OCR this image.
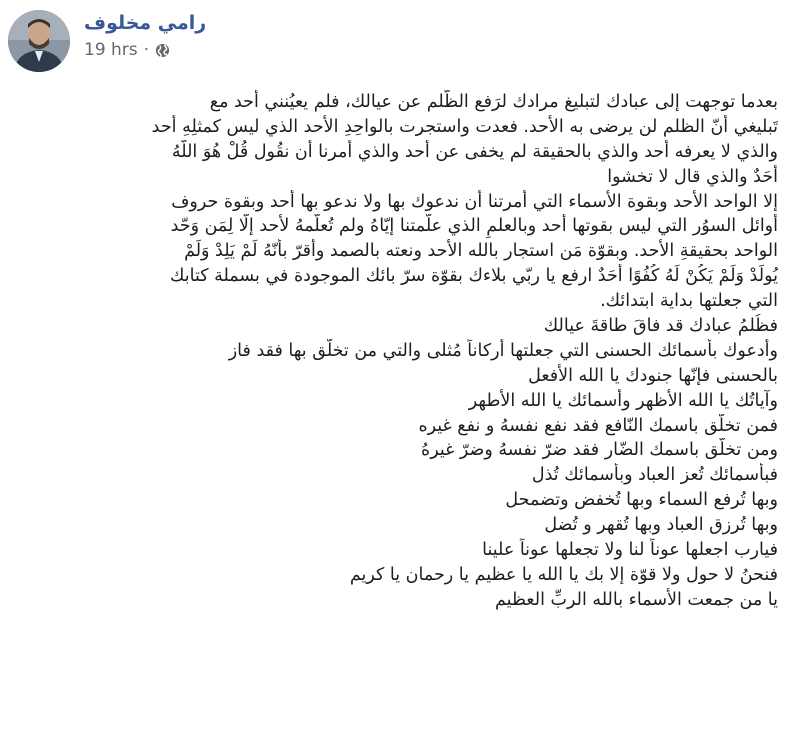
رامي مخلوف
19 hrs ·
بعدما توجهت إلى عبادك لتبليغ مرادك لرَفع الظّلم عن عيالك، فلم يعيُنني أحد مع
تَبليغي أنّ الظلم لن يرضى به الأحد. فعدت واستجرت بالواحِدِ الأحد الذي ليس كمثلِهِ أحد
والذي لا يعرفه أحد والذي بالحقيقة لم يخفى عن أحد والذي أمرنا أن نقُول قُلْ هُوَ اللَّهُ
أَحَدٌ والذي قال لا تخشوا
إلا الواحد الأحد وبقوة الأسماء التي أمرتنا أن ندعوك بها ولا ندعو بها أحد وبقوة حروف
أوائل السوُر التي ليس بقوتها أحد وبالعلمِ الذي علّمتنا إيّاهُ ولم تُعلّمهُ لأحد إلّا لِمَن وَحّد
الواحد بحقيقةِ الأحد. وبقوّة مَن استجار بالله الأحد ونعته بالصمد وأقرّ بأنّهُ لَمْ يَلِدْ وَلَمْ
يُولَدْ وَلَمْ يَكُنْ لَهُ كُفُوًا أَحَدٌ ارفع يا ربّي بلاءك بقوّة سرّ بائك الموجودة في بسملة كتابك
التي جعلتها بداية ابتدائك.
فظُلمُ عبادك قد فاقَ طاقةَ عيالك
وأدعوك بأسمائك الحسنى التي جعلتها أركاناً مُثلى والتي من تخلّق بها فقد فاز
بالحسنى فإنّها جنودك يا الله الأفعل
وآياتُك يا الله الأظهر وأسمائك يا الله الأطهر
فمن تخلّق باسمك النّافع فقد نفع نفسهُ و نفع غيره
ومن تخلّق باسمك الضّار فقد ضرّ نفسهُ وضرّ غيرهُ
فبأسمائك تُعز العباد وبأسمائك تُذل
وبها تُرفع السماء وبها تُخفض وتضمحل
وبها تُرزق العباد وبها تُقهر و تُضل
فيارب اجعلها عوناً لنا ولا تجعلها عوناً علينا
فنحنُ لا حول ولا قوّة إلا بك يا الله يا عظيم يا رحمان يا كريم
يا من جمعت الأسماء بالله الربِّ العظيم
